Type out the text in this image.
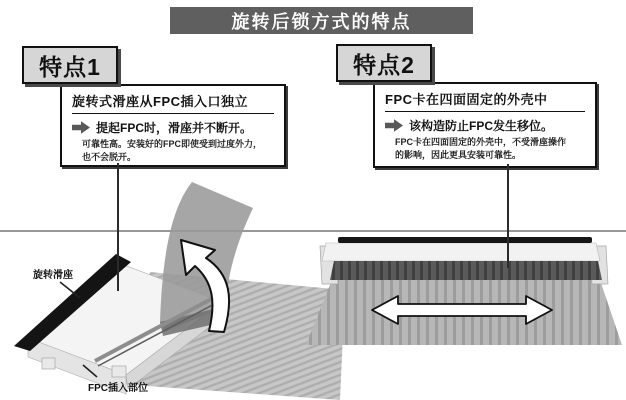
旋转后锁方式的特点
特点1
旋转式滑座从FPC插入口独立
提起FPC时，滑座并不断开。
可靠性高。安装好的FPC即使受到过度外力，
也不会脱开。
特点2
FPC卡在四面固定的外壳中
该构造防止FPC发生移位。
FPC卡在四面固定的外壳中，不受滑座操作
的影响，因此更具安装可靠性。
旋转滑座
FPC插入部位
